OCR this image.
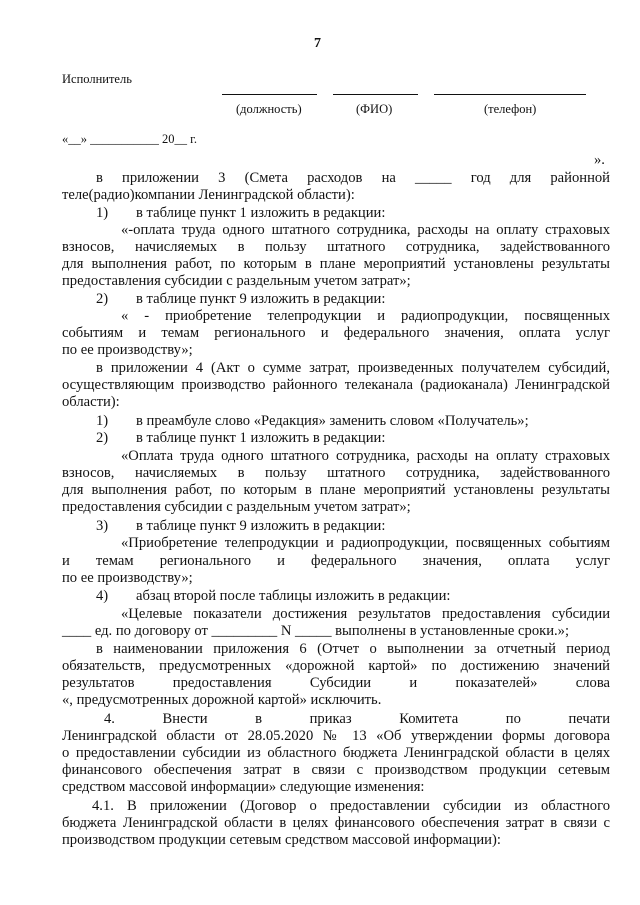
7
Исполнитель
(должность)	(ФИО)	(телефон)
«__» ___________ 20__ г.
».
в приложении 3 (Смета расходов на _____ год для районной
теле(радио)компании Ленинградской области):
1) в таблице пункт 1 изложить в редакции:
«-оплата труда одного штатного сотрудника, расходы на оплату страховых
взносов, начисляемых в пользу штатного сотрудника, задействованного
для выполнения работ, по которым в плане мероприятий установлены результаты
предоставления субсидии с раздельным учетом затрат»;
2) в таблице пункт 9 изложить в редакции:
« - приобретение телепродукции и радиопродукции, посвященных
событиям и темам регионального и федерального значения, оплата услуг
по ее производству»;
в приложении 4 (Акт о сумме затрат, произведенных получателем субсидий,
осуществляющим производство районного телеканала (радиоканала) Ленинградской
области):
1) в преамбуле слово «Редакция» заменить словом «Получатель»;
2) в таблице пункт 1 изложить в редакции:
«Оплата труда одного штатного сотрудника, расходы на оплату страховых
взносов, начисляемых в пользу штатного сотрудника, задействованного
для выполнения работ, по которым в плане мероприятий установлены результаты
предоставления субсидии с раздельным учетом затрат»;
3) в таблице пункт 9 изложить в редакции:
«Приобретение телепродукции и радиопродукции, посвященных событиям
и темам регионального и федерального значения, оплата услуг
по ее производству»;
4) абзац второй после таблицы изложить в редакции:
«Целевые показатели достижения результатов предоставления субсидии
____ ед. по договору от _________ N _____ выполнены в установленные сроки.»;
в наименовании приложения 6 (Отчет о выполнении за отчетный период
обязательств, предусмотренных «дорожной картой» по достижению значений
результатов предоставления Субсидии и показателей» слова
«, предусмотренных дорожной картой» исключить.
4. Внести в приказ Комитета по печати
Ленинградской области от 28.05.2020 № 13 «Об утверждении формы договора
о предоставлении субсидии из областного бюджета Ленинградской области в целях
финансового обеспечения затрат в связи с производством продукции сетевым
средством массовой информации» следующие изменения:
4.1. В приложении (Договор о предоставлении субсидии из областного
бюджета Ленинградской области в целях финансового обеспечения затрат в связи с
производством продукции сетевым средством массовой информации):
